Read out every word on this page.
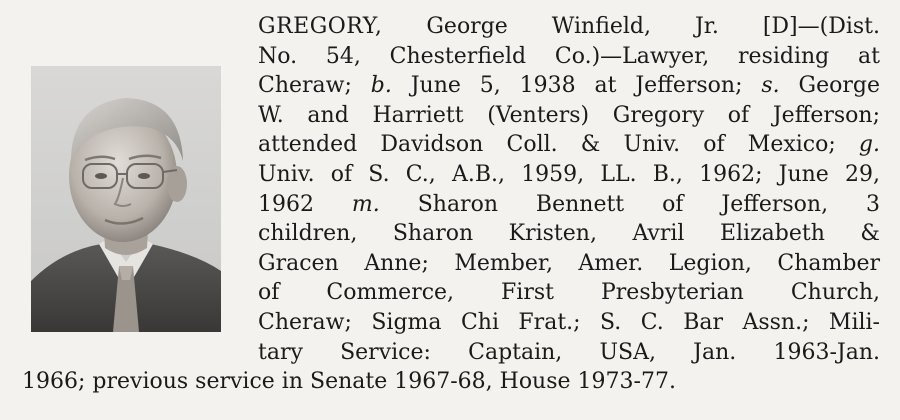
GREGORY, George Winfield, Jr. [D]—(Dist.
No. 54, Chesterfield Co.)—Lawyer, residing at
Cheraw; b. June 5, 1938 at Jefferson; s. George
W. and Harriett (Venters) Gregory of Jefferson;
attended Davidson Coll. & Univ. of Mexico; g.
Univ. of S. C., A.B., 1959, LL. B., 1962; June 29,
1962 m. Sharon Bennett of Jefferson, 3
children, Sharon Kristen, Avril Elizabeth &
Gracen Anne; Member, Amer. Legion, Chamber
of Commerce, First Presbyterian Church,
Cheraw; Sigma Chi Frat.; S. C. Bar Assn.; Mili-
tary Service: Captain, USA, Jan. 1963-Jan.
1966; previous service in Senate 1967-68, House 1973-77.
